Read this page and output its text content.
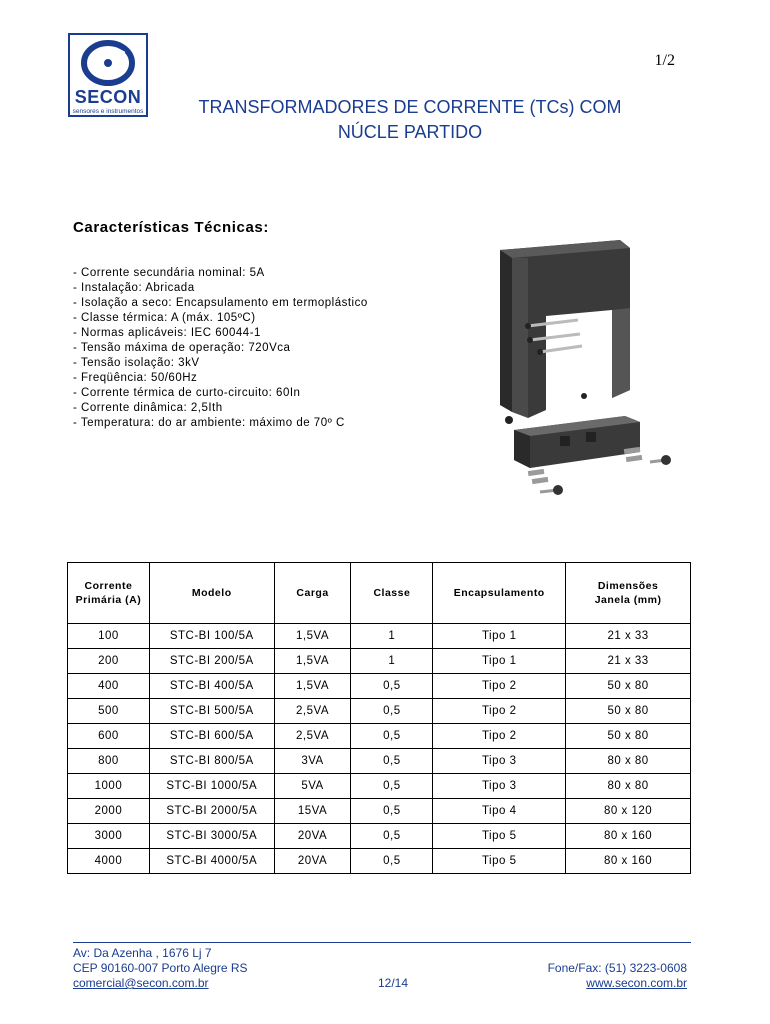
SECON
sensores e instrumentos
1/2
TRANSFORMADORES DE CORRENTE (TCs) COM
NÚCLE PARTIDO
Características Técnicas:
- Corrente secundária nominal: 5A
- Instalação: Abricada
- Isolação a seco: Encapsulamento em termoplástico
- Classe térmica: A (máx. 105ºC)
- Normas aplicáveis: IEC 60044-1
- Tensão máxima de operação: 720Vca
- Tensão isolação: 3kV
- Freqüência: 50/60Hz
- Corrente térmica de curto-circuito: 60In
- Corrente dinâmica: 2,5Ith
- Temperatura: do ar ambiente: máximo de 70º C
Corrente
Primária (A)	Modelo	Carga	Classe	Encapsulamento	Dimensões
Janela (mm)
100	STC-BI 100/5A	1,5VA	1	Tipo 1	21 x 33
200	STC-BI 200/5A	1,5VA	1	Tipo 1	21 x 33
400	STC-BI 400/5A	1,5VA	0,5	Tipo 2	50 x 80
500	STC-BI 500/5A	2,5VA	0,5	Tipo 2	50 x 80
600	STC-BI 600/5A	2,5VA	0,5	Tipo 2	50 x 80
800	STC-BI 800/5A	3VA	0,5	Tipo 3	80 x 80
1000	STC-BI 1000/5A	5VA	0,5	Tipo 3	80 x 80
2000	STC-BI 2000/5A	15VA	0,5	Tipo 4	80 x 120
3000	STC-BI 3000/5A	20VA	0,5	Tipo 5	80 x 160
4000	STC-BI 4000/5A	20VA	0,5	Tipo 5	80 x 160
Av: Da Azenha , 1676 Lj 7
CEP 90160-007 Porto Alegre RS
comercial@secon.com.br	12/14
Fone/Fax: (51) 3223-0608
www.secon.com.br
